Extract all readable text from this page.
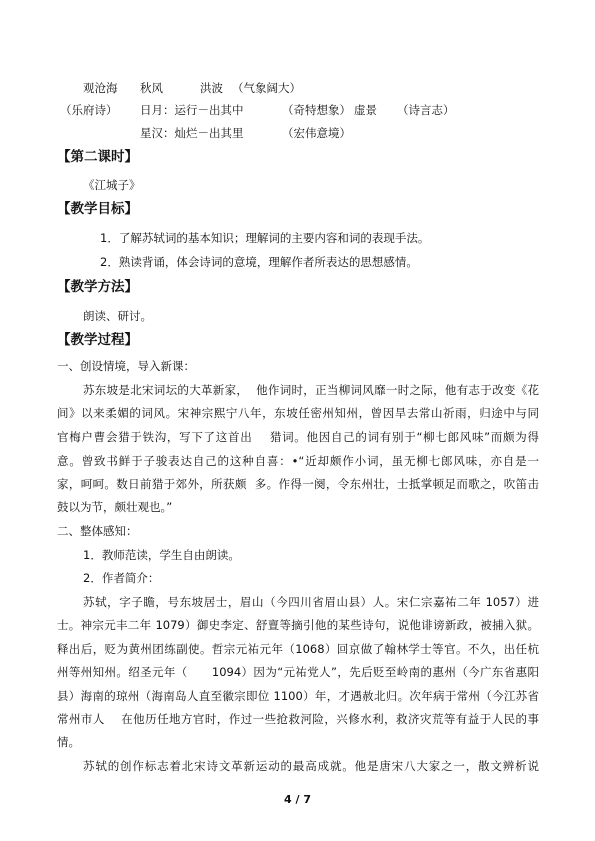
观沧海 秋风	洪波 （气象阔大）
（乐府诗） 日月：运行－出其中	（奇特想象） 虚景 （诗言志）
星汉：灿烂－出其里	（宏伟意境）
【第二课时】
《江城子》
【教学目标】
1．了解苏轼词的基本知识；理解词的主要内容和词的表现手法。
2．熟读背诵，体会诗词的意境，理解作者所表达的思想感情。
【教学方法】
朗读、研讨。
【教学过程】
一、创设情境，导入新课：
苏东坡是北宋词坛的大革新家，  他作词时，正当柳词风靡一时之际，他有志于改变《花
间》以来柔媚的词风。宋神宗熙宁八年，东坡任密州知州，曾因旱去常山祈雨，归途中与同
官梅户曹会猎于铁沟，写下了这首出    猎词。他因自己的词有别于“柳七郎风味”而颇为得
意。曾致书鲜于子骏表达自己的这种自喜：•“近却颇作小词，虽无柳七郎风味，亦自是一
家，呵呵。数日前猎于郊外，所获颇  多。作得一阕，令东州壮，士抵掌顿足而歌之，吹笛击
鼓以为节，颇壮观也。”
二、整体感知：
1．教师范读，学生自由朗读。
2．作者简介：
苏轼，字子瞻，号东坡居士，眉山（今四川省眉山县）人。宋仁宗嘉祐二年 1057）进
士。神宗元丰二年 1079）御史李定、舒亶等摘引他的某些诗句，说他诽谤新政，被捕入狱。
释出后，贬为黄州团练副使。哲宗元祐元年（1068）回京做了翰林学士等官。不久，出任杭
州等州知州。绍圣元年（      1094）因为“元祐党人”，先后贬至岭南的惠州（今广东省惠阳
县）海南的琼州（海南岛人直至徽宗即位 1100）年，才遇赦北归。次年病于常州（今江苏省
常州市人    在他历任地方官时，作过一些抢救河险，兴修水利，救济灾荒等有益于人民的事
情。
苏轼的创作标志着北宋诗文革新运动的最高成就。他是唐宋八大家之一，散文辨析说
4 / 7
